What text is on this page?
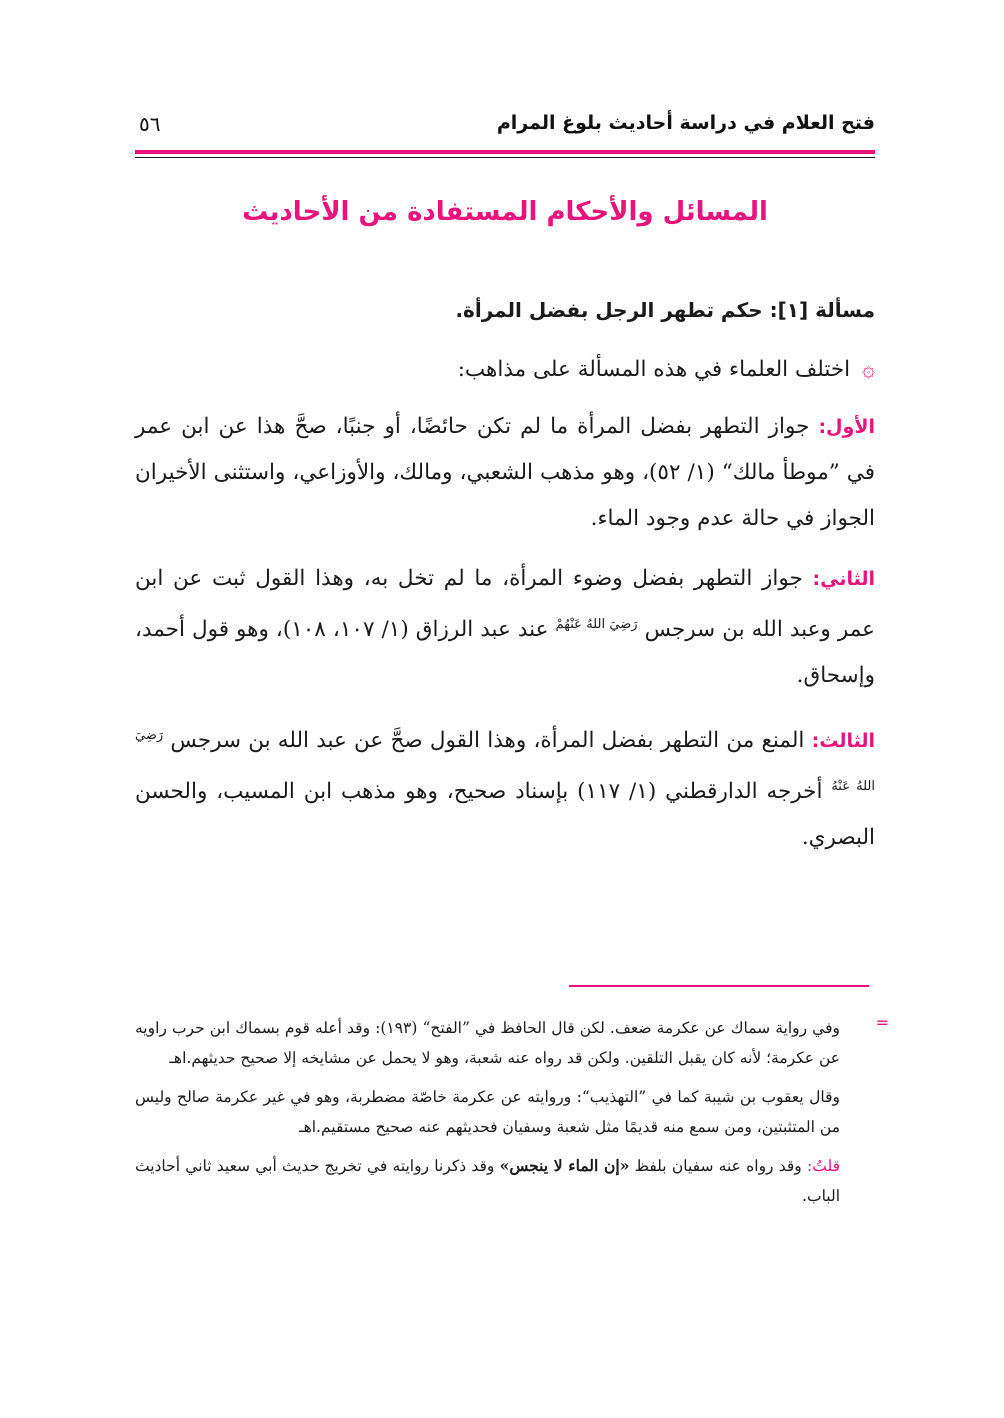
فتح العلام في دراسة أحاديث بلوغ المرام
٥٦
المسائل والأحكام المستفادة من الأحاديث

مسألة [١]: حكم تطهر الرجل بفضل المرأة.

۞اختلف العلماء في هذه المسألة على مذاهب:

الأول: جواز التطهر بفضل المرأة ما لم تكن حائضًا، أو جنبًا، صحَّ هذا عن ابن عمر في ”موطأ مالك“ (١/ ٥٢)، وهو مذهب الشعبي، ومالك، والأوزاعي، واستثنى الأخيران الجواز في حالة عدم وجود الماء.

الثاني: جواز التطهر بفضل وضوء المرأة، ما لم تخل به، وهذا القول ثبت عن ابن عمر وعبد الله بن سرجس $^{رَضِيَ اللهُ عَنْهُمْ}$ عند عبد الرزاق (١/ ١٠٧، ١٠٨)، وهو قول أحمد، وإسحاق.

الثالث: المنع من التطهر بفضل المرأة، وهذا القول صحَّ عن عبد الله بن سرجس $^{رَضِيَ اللهُ عَنْهُ}$ أخرجه الدارقطني (١/ ١١٧) بإسناد صحيح، وهو مذهب ابن المسيب، والحسن البصري.

=

وفي رواية سماك عن عكرمة ضعف. لكن قال الحافظ في ”الفتح“ (١٩٣): وقد أعله قوم بسماك ابن حرب راويه عن عكرمة؛ لأنه كان يقبل التلقين. ولكن قد رواه عنه شعبة، وهو لا يحمل عن مشايخه إلا صحيح حديثهم.اهـ

وقال يعقوب بن شيبة كما في ”التهذيب“: وروايته عن عكرمة خاصّة مضطربة، وهو في غير عكرمة صالح وليس من المتثبتين، ومن سمع منه قديمًا مثل شعبة وسفيان فحديثهم عنه صحيح مستقيم.اهـ

قلتُ: وقد رواه عنه سفيان بلفظ «إن الماء لا ينجس» وقد ذكرنا روايته في تخريج حديث أبي سعيد ثاني أحاديث الباب.
